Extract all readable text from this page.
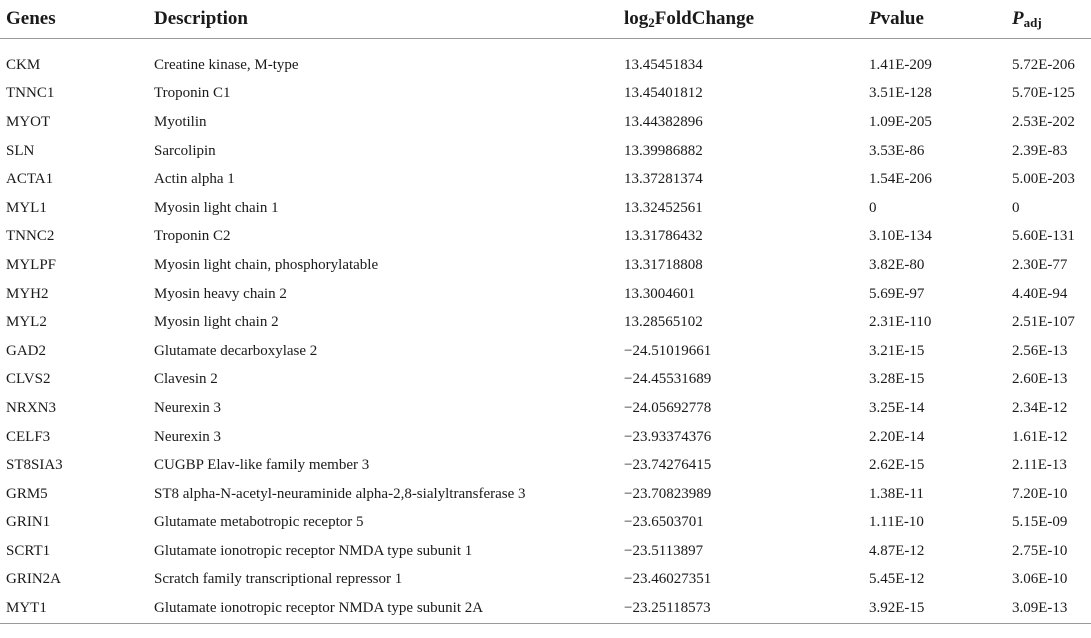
Genes	Description	$\log_2FoldChange$	Pvalue	$P_{adj}$

CKM	Creatine kinase, M-type	13.45451834	1.41E-209	5.72E-206
TNNC1	Troponin C1	13.45401812	3.51E-128	5.70E-125
MYOT	Myotilin	13.44382896	1.09E-205	2.53E-202
SLN	Sarcolipin	13.39986882	3.53E-86	2.39E-83
ACTA1	Actin alpha 1	13.37281374	1.54E-206	5.00E-203
MYL1	Myosin light chain 1	13.32452561	0	0
TNNC2	Troponin C2	13.31786432	3.10E-134	5.60E-131
MYLPF	Myosin light chain, phosphorylatable	13.31718808	3.82E-80	2.30E-77
MYH2	Myosin heavy chain 2	13.3004601	5.69E-97	4.40E-94
MYL2	Myosin light chain 2	13.28565102	2.31E-110	2.51E-107
GAD2	Glutamate decarboxylase 2	−24.51019661	3.21E-15	2.56E-13
CLVS2	Clavesin 2	−24.45531689	3.28E-15	2.60E-13
NRXN3	Neurexin 3	−24.05692778	3.25E-14	2.34E-12
CELF3	Neurexin 3	−23.93374376	2.20E-14	1.61E-12
ST8SIA3	CUGBP Elav-like family member 3	−23.74276415	2.62E-15	2.11E-13
GRM5	ST8 alpha-N-acetyl-neuraminide alpha-2,8-sialyltransferase 3	−23.70823989	1.38E-11	7.20E-10
GRIN1	Glutamate metabotropic receptor 5	−23.6503701	1.11E-10	5.15E-09
SCRT1	Glutamate ionotropic receptor NMDA type subunit 1	−23.5113897	4.87E-12	2.75E-10
GRIN2A	Scratch family transcriptional repressor 1	−23.46027351	5.45E-12	3.06E-10
MYT1	Glutamate ionotropic receptor NMDA type subunit 2A	−23.25118573	3.92E-15	3.09E-13
